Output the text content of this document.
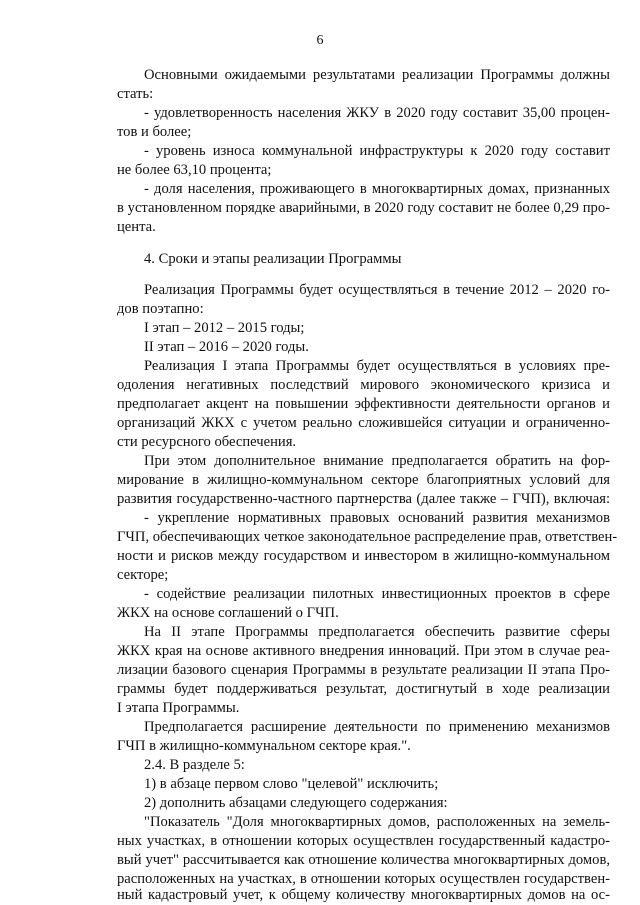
6
Основными ожидаемыми результатами реализации Программы должны
стать:
- удовлетворенность населения ЖКУ в 2020 году составит 35,00 процен-
тов и более;
- уровень износа коммунальной инфраструктуры к 2020 году составит
не более 63,10 процента;
- доля населения, проживающего в многоквартирных домах, признанных
в установленном порядке аварийными, в 2020 году составит не более 0,29 про-
цента.
4. Сроки и этапы реализации Программы
Реализация Программы будет осуществляться в течение 2012 – 2020 го-
дов поэтапно:
I этап – 2012 – 2015 годы;
II этап – 2016 – 2020 годы.
Реализация I этапа Программы будет осуществляться в условиях пре-
одоления негативных последствий мирового экономического кризиса и
предполагает акцент на повышении эффективности деятельности органов и
организаций ЖКХ с учетом реально сложившейся ситуации и ограниченно-
сти ресурсного обеспечения.
При этом дополнительное внимание предполагается обратить на фор-
мирование в жилищно-коммунальном секторе благоприятных условий для
развития государственно-частного партнерства (далее также – ГЧП), включая:
- укрепление нормативных правовых оснований развития механизмов
ГЧП, обеспечивающих четкое законодательное распределение прав, ответствен-
ности и рисков между государством и инвестором в жилищно-коммунальном
секторе;
- содействие реализации пилотных инвестиционных проектов в сфере
ЖКХ на основе соглашений о ГЧП.
На II этапе Программы предполагается обеспечить развитие сферы
ЖКХ края на основе активного внедрения инноваций. При этом в случае реа-
лизации базового сценария Программы в результате реализации II этапа Про-
граммы будет поддерживаться результат, достигнутый в ходе реализации
I этапа Программы.
Предполагается расширение деятельности по применению механизмов
ГЧП в жилищно-коммунальном секторе края.".
2.4. В разделе 5:
1) в абзаце первом слово "целевой" исключить;
2) дополнить абзацами следующего содержания:
"Показатель "Доля многоквартирных домов, расположенных на земель-
ных участках, в отношении которых осуществлен государственный кадастро-
вый учет" рассчитывается как отношение количества многоквартирных домов,
расположенных на участках, в отношении которых осуществлен государствен-
ный кадастровый учет, к общему количеству многоквартирных домов на ос-
